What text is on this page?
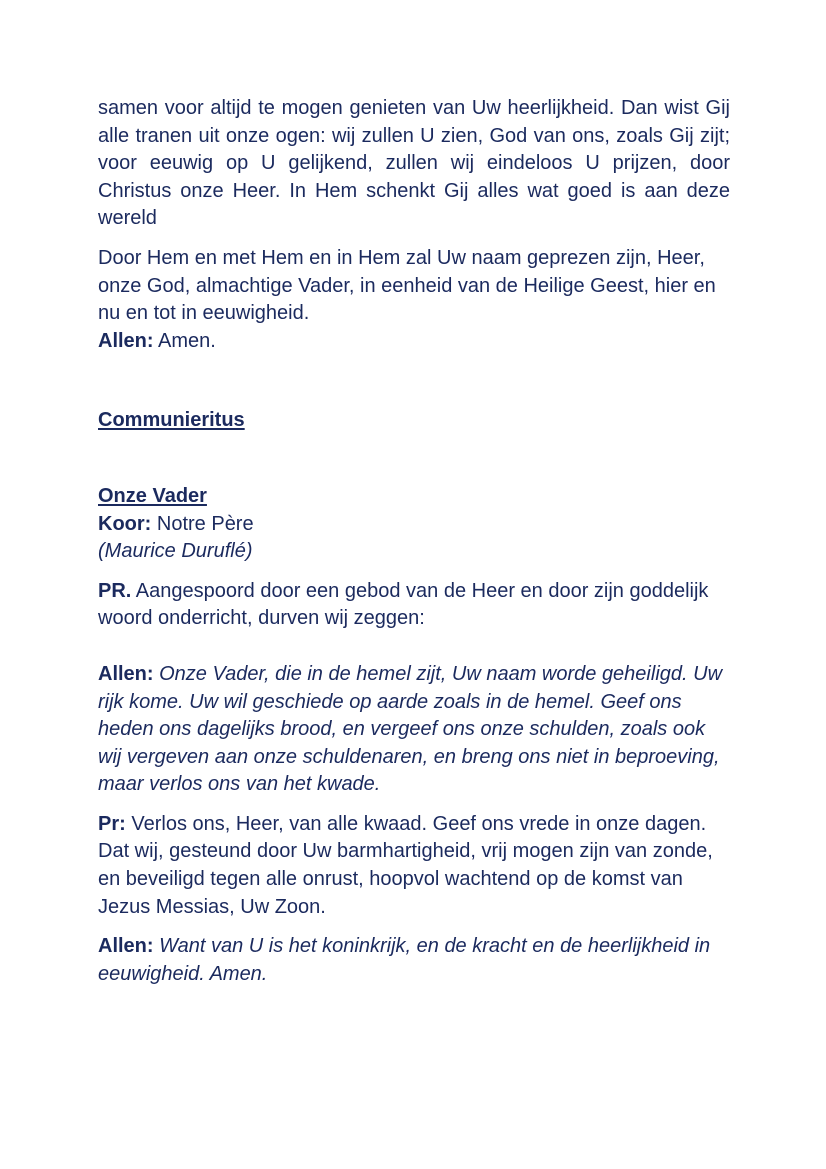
samen voor altijd te mogen genieten van Uw heerlijkheid. Dan wist Gij alle tranen uit onze ogen: wij zullen U zien, God van ons, zoals Gij zijt; voor eeuwig op U gelijkend, zullen wij eindeloos U prijzen, door Christus onze Heer. In Hem schenkt Gij alles wat goed is aan deze wereld

Door Hem en met Hem en in Hem zal Uw naam geprezen zijn, Heer, onze God, almachtige Vader, in eenheid van de Heilige Geest, hier en nu en tot in eeuwigheid.

Allen: Amen.

Communieritus

Onze Vader

Koor: Notre Père

(Maurice Duruflé)

PR. Aangespoord door een gebod van de Heer en door zijn goddelijk woord onderricht, durven wij zeggen:

Allen: Onze Vader, die in de hemel zijt, Uw naam worde geheiligd. Uw rijk kome. Uw wil geschiede op aarde zoals in de hemel. Geef ons heden ons dagelijks brood, en vergeef ons onze schulden, zoals ook wij vergeven aan onze schuldenaren, en breng ons niet in beproeving, maar verlos ons van het kwade.

Pr: Verlos ons, Heer, van alle kwaad. Geef ons vrede in onze dagen. Dat wij, gesteund door Uw barmhartigheid, vrij mogen zijn van zonde, en beveiligd tegen alle onrust, hoopvol wachtend op de komst van Jezus Messias, Uw Zoon.

Allen: Want van U is het koninkrijk, en de kracht en de heerlijkheid in eeuwigheid. Amen.
